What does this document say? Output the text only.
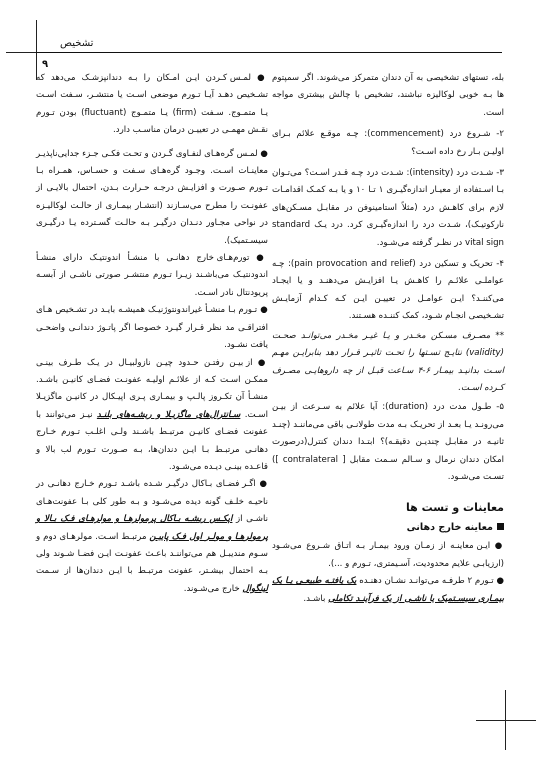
تشخیص
۹

بله، تستهای تشخیصی به آن دندان متمرکز می‌شوند. اگر سمپتوم ها بـه خوبی لوکالیزه نباشند، تشخیص با چالش بیشتری مواجه است.

۲- شـروع درد (commencement): چـه موقـع علائم بـرای اولیـن بـار رخ داده اسـت؟

۳- شـدت درد (intensity): شـدت درد چـه قـدر اسـت؟ می‌تـوان بـا اسـتفاده از معیـار اندازه‌گیـری ۱ تـا ۱۰ و یا بـه کمـک اقدامـات لازم برای کاهـش درد (مثلاً استامینوفن در مقابـل مسـکن‌های نارکوتیـک)، شـدت درد را اندازه‌گیـری کرد. درد یـک standard vital sign در نظـر گرفته می‌شـود.

۴- تحریک و تسکین درد (pain provocation and relief): چـه عواملـی علائـم را کاهـش یـا افزایـش می‌دهنـد و یا ایجـاد می‌کننـد؟ ایـن عوامـل در تعییـن ایـن کـه کـدام آزمایـش تشـخیصی انجـام شـود، کمک کننـده هسـتند.

** مصـرف مسـکن مخـدر و یـا غیـر مخـدر می‌توانـد صحـت (validity) نتایـج تسـتها را تحـت تاثیـر قـرار دهد بنابرایـن مهـم اسـت بدانیـد بیمـار ۶-۴ سـاعت قبـل از چه داروهایـی مصـرف کـرده اسـت.

۵- طـول مدت درد (duration): آیا علائم به سـرعت از بیـن می‌رونـد یـا بعـد از تحریـک بـه مدت طولانـی باقی می‌ماننـد (چنـد ثانیـه در مقابـل چندیـن دقیقـه)؟ ابتـدا دندان کنترل(درصورت امکان دندان نرمال و سـالم سـمت مقابل [ contralateral ]) تسـت می‌شـود.

معاینات و تست ها
معاینه خارج دهانی

● ایـن معاینـه از زمـان ورود بیمـار بـه اتـاق شـروع می‌شـود (ارزیابـی علایم محدودیت، آسـیمتری، تـورم و ...).

● تـورم ۲ طرفـه می‌توانـد نشـان دهنـده یک یافتـه طبیعـی یـا یک بیمـاری سیسـتمیک یا ناشـی از یک فرآینـد تکاملی باشـد.

● لمـس کـردن ایـن امـکان را بـه دندانپزشـک می‌دهد که تشـخیص دهـد آیـا تـورم موضعی اسـت یا منتشـر، سـفت اسـت یـا متمـوج. سـفت (firm) یـا متمـوج (fluctuant) بودن تـورم نقـش مهمـی در تعییـن درمان مناسـب دارد.

● لمـس گره‌هـای لنفـاوی گـردن و تحـت فکـی جـزء جدایی‌ناپذیـر معاینـات اسـت. وجـود گره‌هـای سـفت و حسـاس، همـراه بـا تـورم صـورت و افزایـش درجـه حـرارت بـدن، احتمال بالایـی از عفونـت را مطرح می‌سـازند (انتشـار بیمـاری از حالـت لوکالیـزه در نواحی مجـاور دنـدان درگیـر بـه حالـت گسـترده یـا درگیـری سیسـتمیک).

● تورم‌هـای خارج دهانـی با منشـأ اندونتیـک دارای منشـأ اندودنتیـک می‌باشـند زیـرا تـورم منتشـر صورتی ناشـی از آبسـه پریودنتال نادر اسـت.

● تـورم بـا منشـأ غیراندونتوژنیـک همیشـه بایـد در تشـخیص هـای افتراقـی مد نظر قـرار گیـرد خصوصا اگر پاتـوژ دندانـی واضحـی یافت نشـود.

● از بیـن رفتـن حـدود چیـن نازولبیـال در یـک طـرف بینـی ممکـن اسـت کـه از علائـم اولیـه عفونـت فضـای کانیـن باشـد. منشـأ آن تکـروز پالـپ و بیمـاری پـری اپیـکال در کانیـن ماگزیـلا اسـت. سـانترال‌های ماگزیـلا و ریشـه‌های بلنـد نیـز می‌توانند با عفونت فضـای کانیـن مرتبـط باشـند ولـی اغلـب تـورم خـارج دهانـی مرتبـط بـا ایـن دندان‌ها، بـه صـورت تـورم لب بالا و قاعـده بینـی دیـده می‌شـود.

● اگـر فضـای بـاکال درگیـر شـده باشـد تـورم خـارج دهانـی در ناحیـه خلـف گونه دیده می‌شـود و بـه طور کلی بـا عفونت‌هـای ناشـی از اپکـس ریشـه بـاکال پرمولرهـا و مولرهـای فـک بـالا و پرمولرهـا و مولـر اول فـک پاییـن مرتبـط اسـت. مولرهـای دوم و سـوم مندیبـل هم می‌تواننـد باعـث عفونـت ایـن فضـا شـوند ولی بـه احتمال بیشـتر، عفونت مرتبـط با ایـن دندان‌ها از سـمت لینگوال خارج می‌شـوند.
